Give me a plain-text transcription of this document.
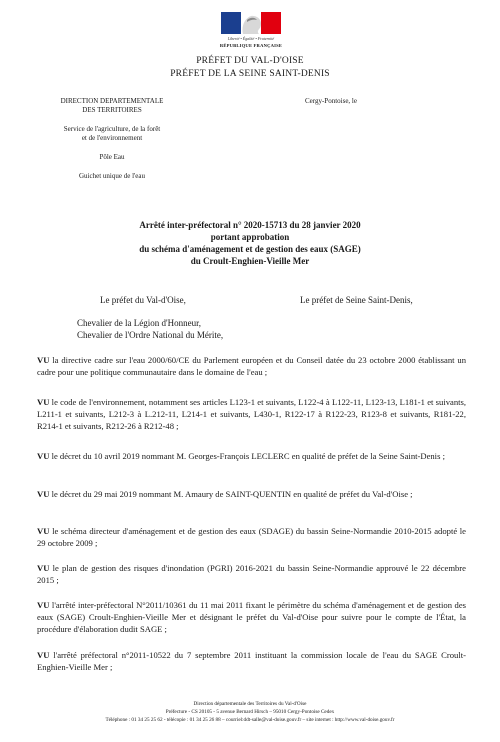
Liberté • Égalité • Fraternité
RÉPUBLIQUE FRANÇAISE
PRÉFET DU VAL-D'OISE
PRÉFET DE LA SEINE SAINT-DENIS
DIRECTION DEPARTEMENTALE
DES TERRITOIRES
Service de l'agriculture, de la forêt
et de l'environnement
Pôle Eau
Guichet unique de l'eau
Cergy-Pontoise, le
Arrêté inter-préfectoral n° 2020-15713 du 28 janvier 2020
portant approbation
du schéma d'aménagement et de gestion des eaux (SAGE)
du Croult-Enghien-Vieille Mer
Le préfet du Val-d'Oise,	Le préfet de Seine Saint-Denis,
Chevalier de la Légion d'Honneur,
Chevalier de l'Ordre National du Mérite,
VU la directive cadre sur l'eau 2000/60/CE du Parlement européen et du Conseil datée du 23 octobre 2000 établissant un cadre pour une politique communautaire dans le domaine de l'eau ;
VU le code de l'environnement, notamment ses articles L123-1 et suivants, L122-4 à L122-11, L123-13, L181-1 et suivants, L211-1 et suivants, L212-3 à L.212-11, L214-1 et suivants, L430-1, R122-17 à R122-23, R123-8 et suivants, R181-22, R214-1 et suivants, R212-26 à R212-48 ;
VU le décret du 10 avril 2019 nommant M. Georges-François LECLERC en qualité de préfet de la Seine Saint-Denis ;
VU le décret du 29 mai 2019 nommant M. Amaury de SAINT-QUENTIN en qualité de préfet du Val-d'Oise ;
VU le schéma directeur d'aménagement et de gestion des eaux (SDAGE) du bassin Seine-Normandie 2010-2015 adopté le 29 octobre 2009 ;
VU le plan de gestion des risques d'inondation (PGRI) 2016-2021 du bassin Seine-Normandie approuvé le 22 décembre 2015 ;
VU l'arrêté inter-préfectoral N°2011/10361 du 11 mai 2011 fixant le périmètre du schéma d'aménagement et de gestion des eaux (SAGE) Croult-Enghien-Vieille Mer et désignant le préfet du Val-d'Oise pour suivre pour le compte de l'État, la procédure d'élaboration dudit SAGE ;
VU l'arrêté préfectoral n°2011-10522 du 7 septembre 2011 instituant la commission locale de l'eau du SAGE Croult-Enghien-Vieille Mer ;
Direction départementale des Territoires du Val-d'Oise
Préfecture - CS 20105 - 5 avenue Bernard Hirsch – 95010 Cergy-Pontoise Cedex
Téléphone : 01 34 25 25 62 - télécopie : 01 34 25 26 88 – courriel:ddt-salle@val-doise.gouv.fr – site internet : http://www.val-doise.gouv.fr
